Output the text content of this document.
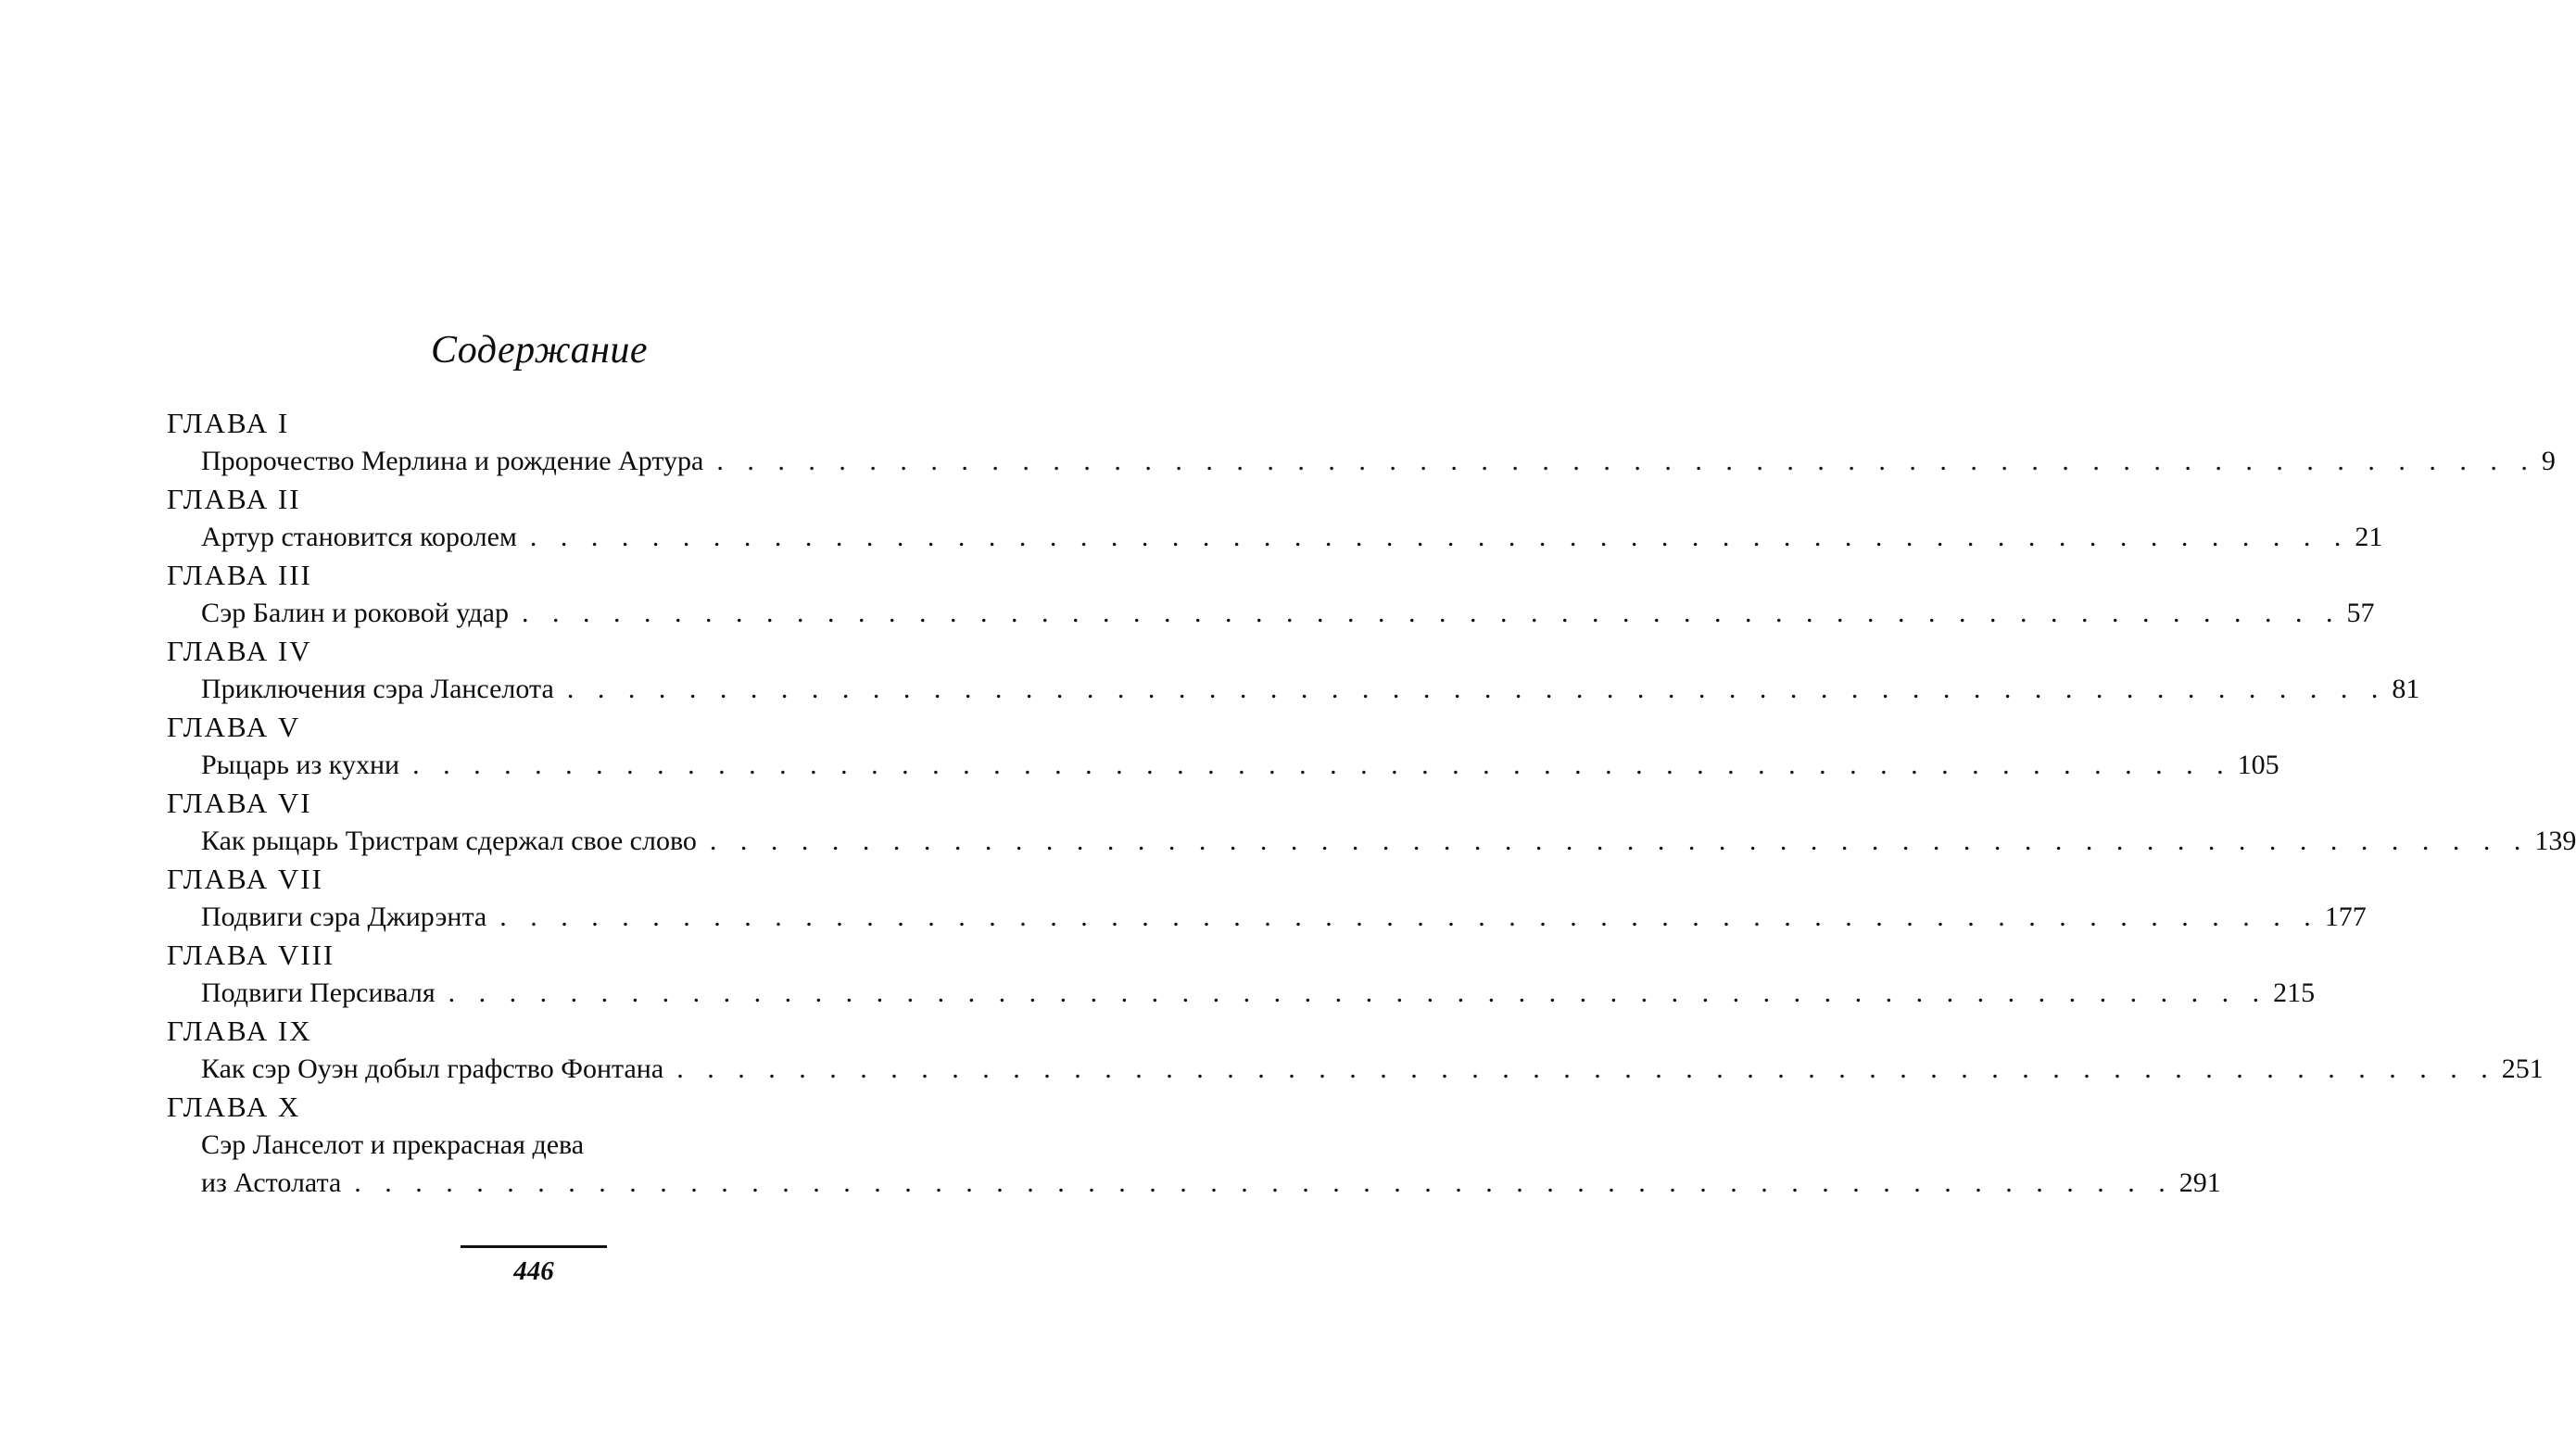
Содержание
ГЛАВА I
Пророчество Мерлина и рождение Артура . . . . . . . . . . . . . . . . . . . . . . . . . . . . . . . . . . . . . . . . . . . . . . . . . . . . . . . . . . . . 9
ГЛАВА II
Артур становится королем . . . . . . . . . . . . . . . . . . . . . . . . . . . . . . . . . . . . . . . . . . . . . . . . . . . . . . . . . . . . 21
ГЛАВА III
Сэр Балин и роковой удар . . . . . . . . . . . . . . . . . . . . . . . . . . . . . . . . . . . . . . . . . . . . . . . . . . . . . . . . . . . . 57
ГЛАВА IV
Приключения сэра Ланселота . . . . . . . . . . . . . . . . . . . . . . . . . . . . . . . . . . . . . . . . . . . . . . . . . . . . . . . . . . . . 81
ГЛАВА V
Рыцарь из кухни . . . . . . . . . . . . . . . . . . . . . . . . . . . . . . . . . . . . . . . . . . . . . . . . . . . . . . . . . . . . 105
ГЛАВА VI
Как рыцарь Тристрам сдержал свое слово . . . . . . . . . . . . . . . . . . . . . . . . . . . . . . . . . . . . . . . . . . . . . . . . . . . . . . . . . . . . 139
ГЛАВА VII
Подвиги сэра Джирэнта . . . . . . . . . . . . . . . . . . . . . . . . . . . . . . . . . . . . . . . . . . . . . . . . . . . . . . . . . . . . 177
ГЛАВА VIII
Подвиги Персиваля . . . . . . . . . . . . . . . . . . . . . . . . . . . . . . . . . . . . . . . . . . . . . . . . . . . . . . . . . . . . 215
ГЛАВА IX
Как сэр Оуэн добыл графство Фонтана . . . . . . . . . . . . . . . . . . . . . . . . . . . . . . . . . . . . . . . . . . . . . . . . . . . . . . . . . . . . 251
ГЛАВА X
Сэр Ланселот и прекрасная дева
из Астолата . . . . . . . . . . . . . . . . . . . . . . . . . . . . . . . . . . . . . . . . . . . . . . . . . . . . . . . . . . . . 291
446
